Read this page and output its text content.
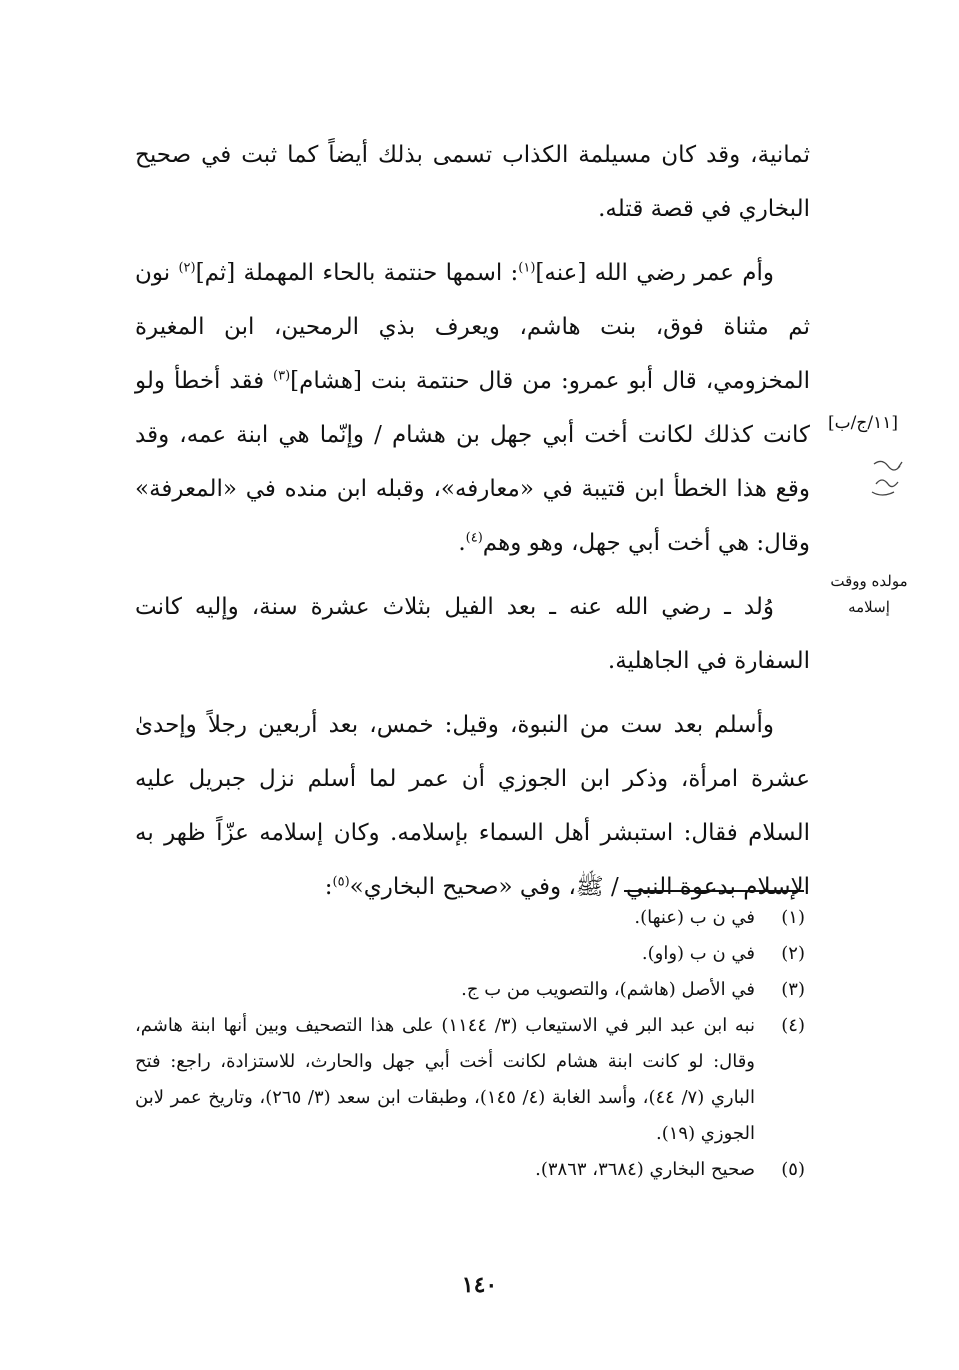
ثمانية، وقد كان مسيلمة الكذاب تسمى بذلك أيضاً كما ثبت في صحيح البخاري في قصة قتله.

وأم عمر رضي الله [عنه]$^{(١)}$: اسمها حنتمة بالحاء المهملة [ثم]$^{(٢)}$ نون ثم مثناة فوق، بنت هاشم، ويعرف بذي الرمحين، ابن المغيرة المخزومي، قال أبو عمرو: من قال حنتمة بنت [هشام]$^{(٣)}$ فقد أخطأ ولو كانت كذلك لكانت أخت أبي جهل بن هشام / وإنّما هي ابنة عمه، وقد وقع هذا الخطأ ابن قتيبة في «معارفه»، وقبله ابن منده في «المعرفة» وقال: هي أخت أبي جهل، وهو وهم$^{(٤)}$.

وُلد ـ رضي الله عنه ـ بعد الفيل بثلاث عشرة سنة، وإليه كانت السفارة في الجاهلية.

وأسلم بعد ست من النبوة، وقيل: خمس، بعد أربعين رجلاً وإحدىٰ عشرة امرأة، وذكر ابن الجوزي أن عمر لما أسلم نزل جبريل عليه السلام فقال: استبشر أهل السماء بإسلامه. وكان إسلامه عزّاً ظهر به الإسلام بدعوة النبي / ﷺ، وفي «صحيح البخاري»$^{(٥)}$:

[١١/ج/ب]
مولده ووقت
إسلامه
(١)
في ن ب (عنها).
(٢)
في ن ب (واو).
(٣)
في الأصل (هاشم)، والتصويب من ب ج.
(٤)
نبه ابن عبد البر في الاستيعاب (٣/ ١١٤٤) على هذا التصحيف وبين أنها ابنة هاشم، وقال: لو كانت ابنة هشام لكانت أخت أبي جهل والحارث، للاستزادة، راجع: فتح الباري (٧/ ٤٤)، وأسد الغابة (٤/ ١٤٥)، وطبقات ابن سعد (٣/ ٢٦٥)، وتاريخ عمر لابن الجوزي (١٩).
(٥)
صحيح البخاري (٣٦٨٤، ٣٨٦٣).
١٤٠
